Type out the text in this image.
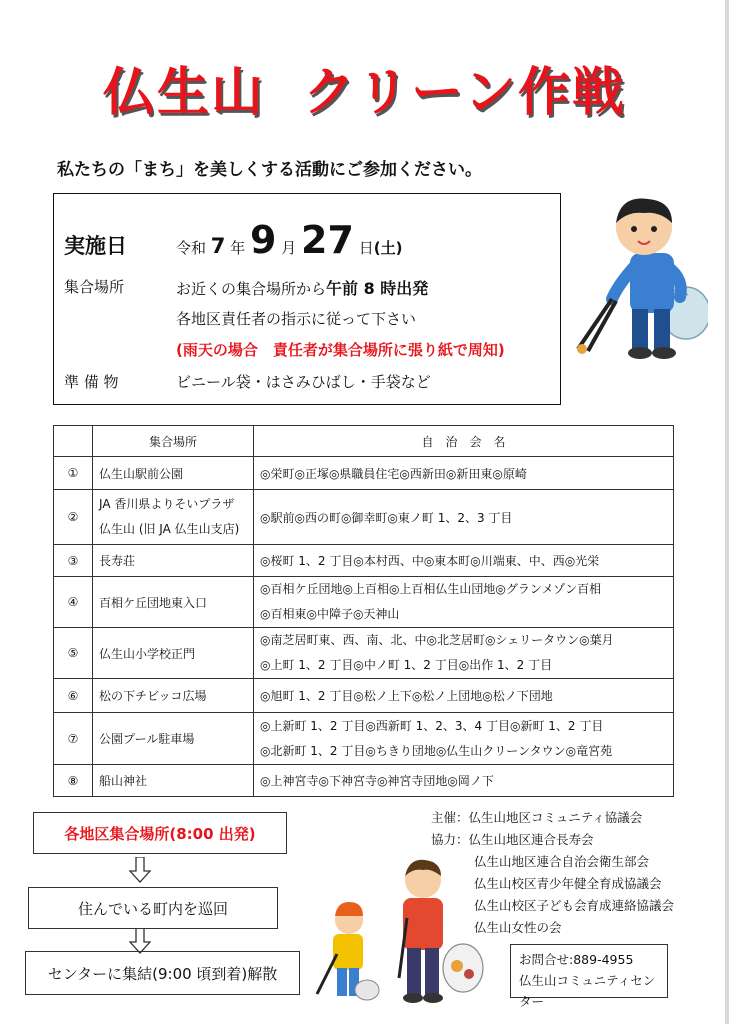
仏生山 クリーン作戦
私たちの「まち」を美しくする活動にご参加ください。
実施日	令和 7 年 9 月 27 日(土)
集合場所	お近くの集合場所から午前 8 時出発
各地区責任者の指示に従って下さい
(雨天の場合　責任者が集合場所に張り紙で周知)
準 備 物	ビニール袋・はさみひばし・手袋など
	集合場所	自　治　会　名
①	仏生山駅前公園	◎栄町◎正塚◎県職員住宅◎西新田◎新田東◎原崎
②	JA 香川県よりそいプラザ
仏生山 (旧 JA 仏生山支店)	◎駅前◎西の町◎御幸町◎東ノ町 1、2、3 丁目
③	長寿荘	◎桜町 1、2 丁目◎本村西、中◎東本町◎川端東、中、西◎光栄
④	百相ケ丘団地東入口	◎百相ケ丘団地◎上百相◎上百相仏生山団地◎グランメゾン百相
◎百相東◎中障子◎天神山

⑤	仏生山小学校正門	◎南芝居町東、西、南、北、中◎北芝居町◎シェリータウン◎葉月
◎上町 1、2 丁目◎中ノ町 1、2 丁目◎出作 1、2 丁目

⑥	松の下チビッコ広場	◎旭町 1、2 丁目◎松ノ上下◎松ノ上団地◎松ノ下団地
⑦	公園プール駐車場	◎上新町 1、2 丁目◎西新町 1、2、3、4 丁目◎新町 1、2 丁目
◎北新町 1、2 丁目◎ちきり団地◎仏生山クリーンタウン◎竜宮苑

⑧	船山神社	◎上神宮寺◎下神宮寺◎神宮寺団地◎岡ノ下
各地区集合場所(8:00 出発)
住んでいる町内を巡回
センターに集結(9:00 頃到着)解散
主催：仏生山地区コミュニティ協議会
協力：仏生山地区連合長寿会
仏生山地区連合自治会衛生部会
仏生山校区青少年健全育成協議会
仏生山校区子ども会育成連絡協議会
仏生山女性の会
お問合せ:889-4955
仏生山コミュニティセンター
